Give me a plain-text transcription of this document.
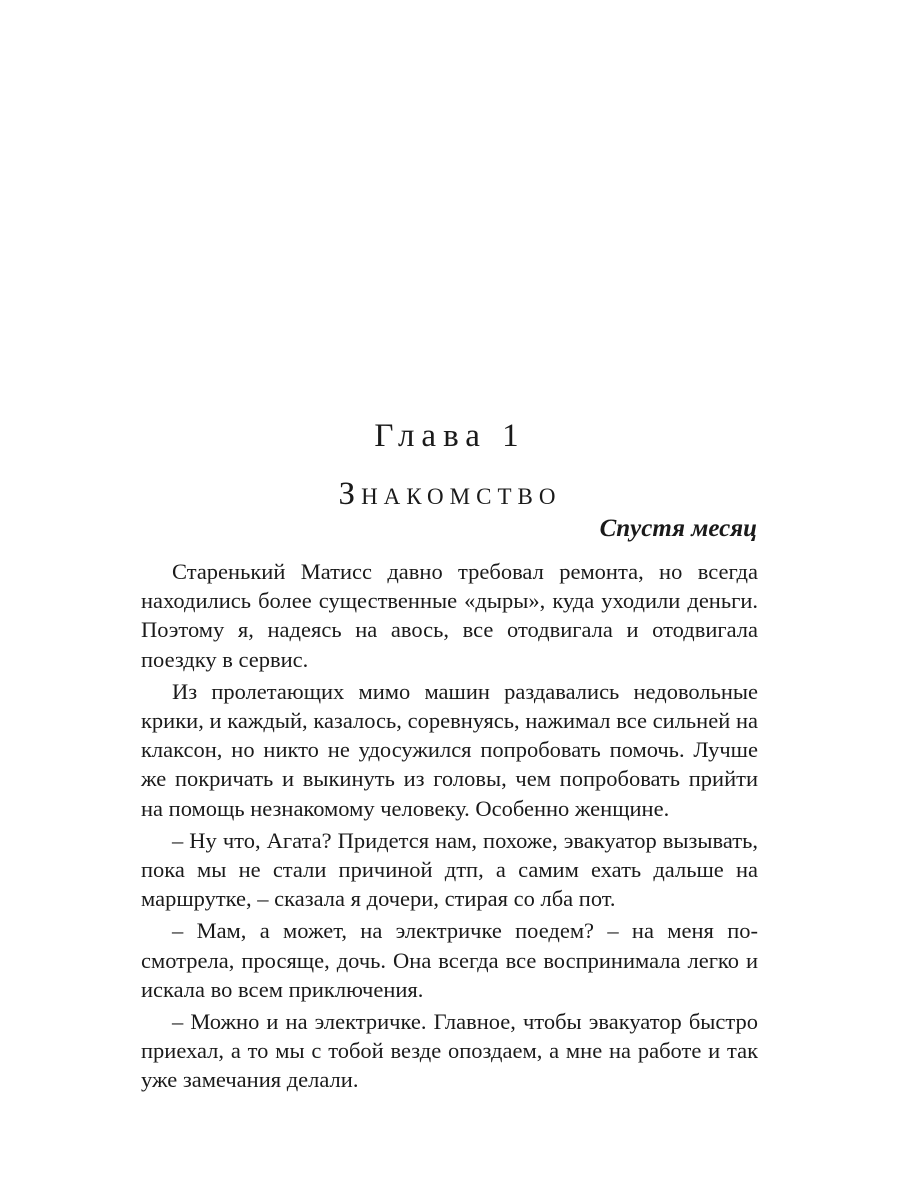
Глава 1
Знакомство

Спустя месяц

Старенький Матисс давно требовал ремонта, но всегда находились более существенные «дыры», куда уходили деньги. Поэтому я, надеясь на авось, все отодвигала и отодвигала поездку в сервис.

Из пролетающих мимо машин раздавались недовольные крики, и каждый, казалось, соревнуясь, нажимал все сильней на клаксон, но никто не удосужился попробовать помочь. Лучше же покричать и выкинуть из головы, чем попробовать прийти на помощь незнакомому человеку. Особенно женщине.

– Ну что, Агата? Придется нам, похоже, эвакуатор вызывать, пока мы не стали причиной дтп, а самим ехать дальше на маршрутке, – сказала я дочери, стирая со лба пот.

– Мам, а может, на электричке поедем? – на меня посмотрела, просяще, дочь. Она всегда все воспринимала легко и искала во всем приключения.

– Можно и на электричке. Главное, чтобы эвакуатор быстро приехал, а то мы с тобой везде опоздаем, а мне на работе и так уже замечания делали.
